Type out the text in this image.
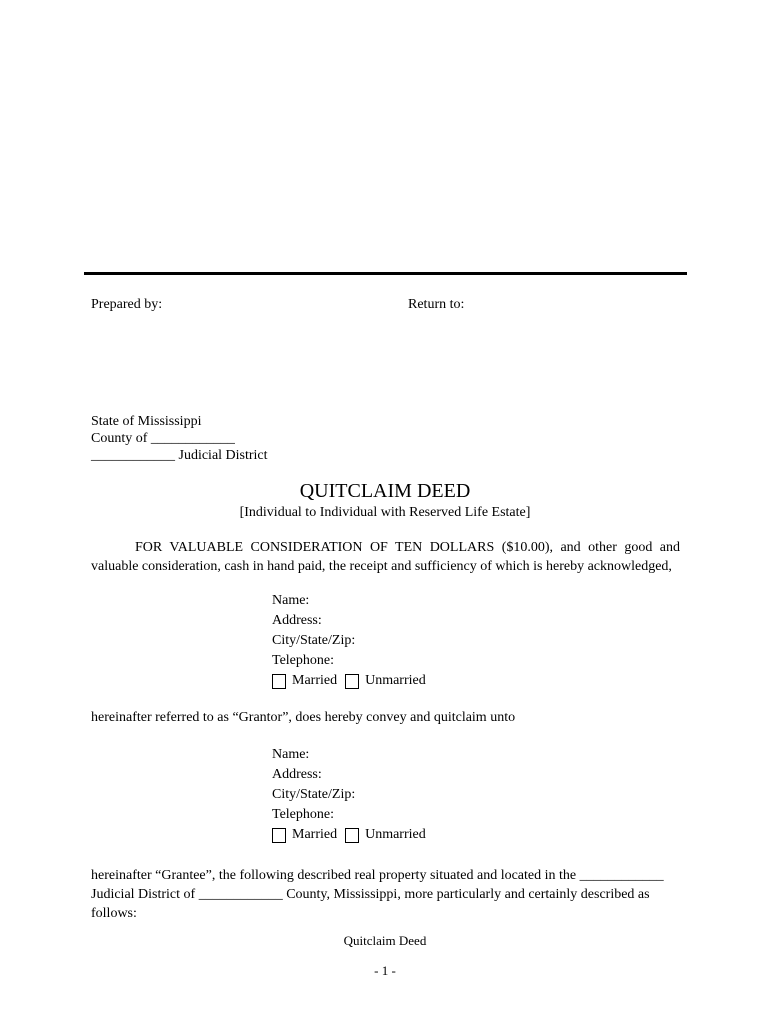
Prepared by:	Return to:
State of Mississippi
County of ____________
____________ Judicial District
QUITCLAIM DEED
[Individual to Individual with Reserved Life Estate]
FOR VALUABLE CONSIDERATION OF TEN DOLLARS ($10.00), and other good and valuable consideration, cash in hand paid, the receipt and sufficiency of which is hereby acknowledged,
Name:
Address:
City/State/Zip:
Telephone:
Married Unmarried
hereinafter referred to as “Grantor”, does hereby convey and quitclaim unto
Name:
Address:
City/State/Zip:
Telephone:
Married Unmarried
hereinafter “Grantee”, the following described real property situated and located in the ____________ Judicial District of ____________ County, Mississippi, more particularly and certainly described as follows:
Quitclaim Deed
- 1 -
